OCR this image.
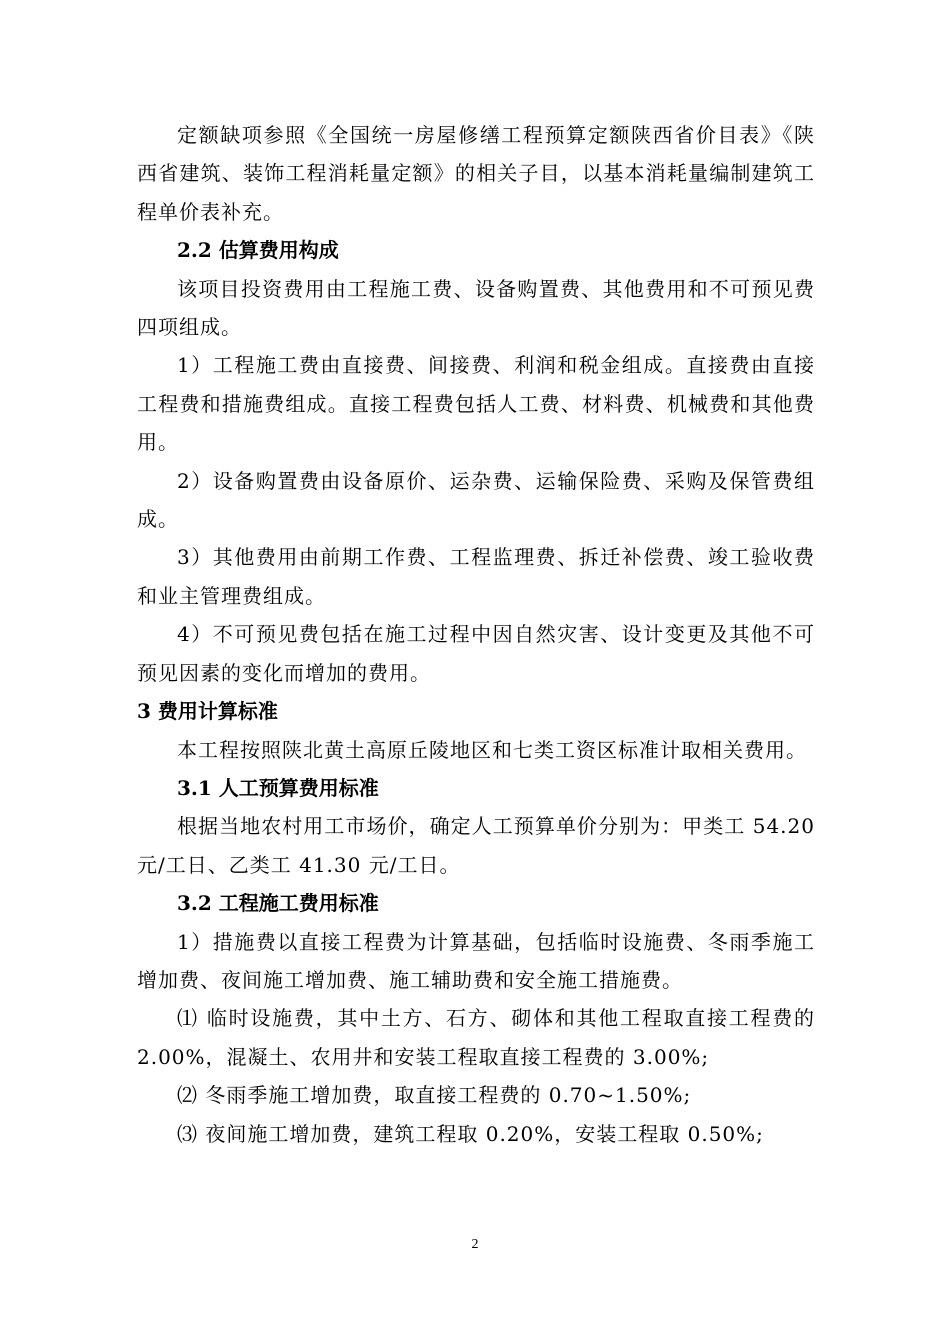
定额缺项参照《全国统一房屋修缮工程预算定额陕西省价目表》《陕西省建筑、装饰工程消耗量定额》的相关子目，以基本消耗量编制建筑工程单价表补充。

2.2 估算费用构成

该项目投资费用由工程施工费、设备购置费、其他费用和不可预见费四项组成。

1）工程施工费由直接费、间接费、利润和税金组成。直接费由直接工程费和措施费组成。直接工程费包括人工费、材料费、机械费和其他费用。

2）设备购置费由设备原价、运杂费、运输保险费、采购及保管费组成。

3）其他费用由前期工作费、工程监理费、拆迁补偿费、竣工验收费和业主管理费组成。

4）不可预见费包括在施工过程中因自然灾害、设计变更及其他不可预见因素的变化而增加的费用。

3 费用计算标准

本工程按照陕北黄土高原丘陵地区和七类工资区标准计取相关费用。

3.1 人工预算费用标准

根据当地农村用工市场价，确定人工预算单价分别为：甲类工 54.20 元/工日、乙类工 41.30 元/工日。

3.2 工程施工费用标准

1）措施费以直接工程费为计算基础，包括临时设施费、冬雨季施工增加费、夜间施工增加费、施工辅助费和安全施工措施费。

⑴ 临时设施费，其中土方、石方、砌体和其他工程取直接工程费的 2.00%，混凝土、农用井和安装工程取直接工程费的 3.00%;

⑵ 冬雨季施工增加费，取直接工程费的 0.70~1.50%;

⑶ 夜间施工增加费，建筑工程取 0.20%，安装工程取 0.50%;

2
